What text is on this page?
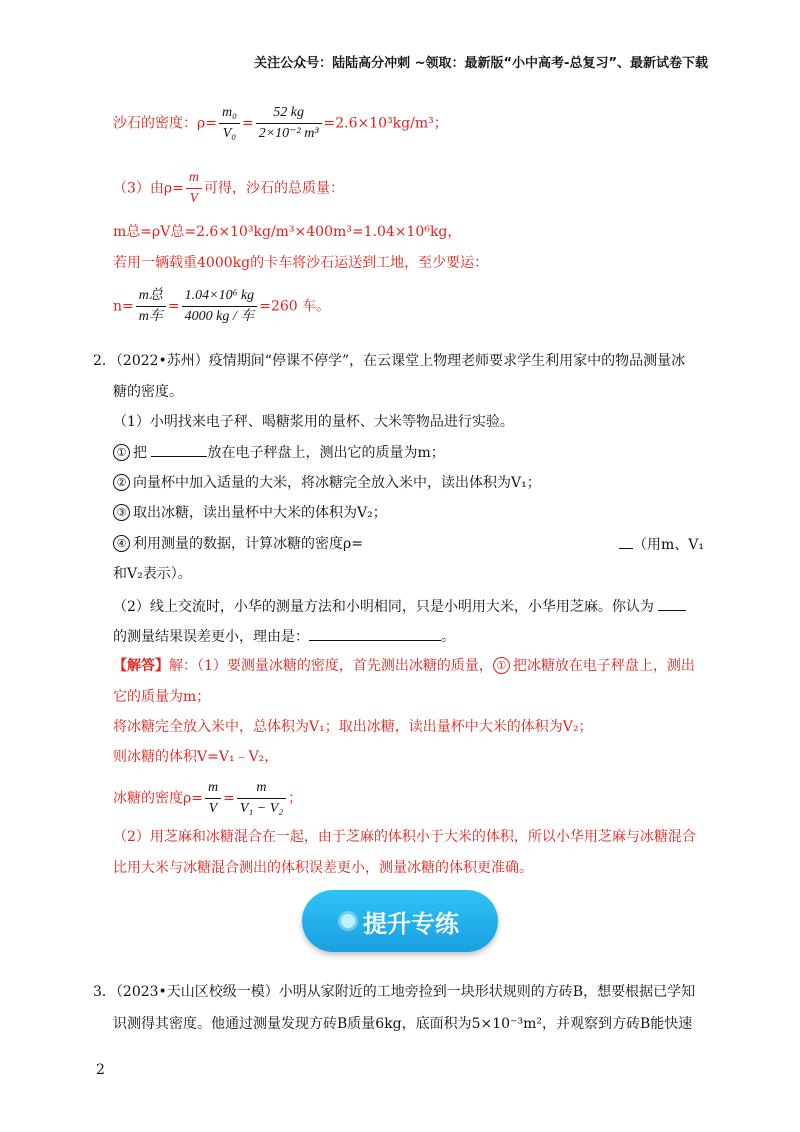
关注公众号：陆陆高分冲刺 ~领取：最新版“小中高考-总复习”、最新试卷下载
沙石的密度：$\rho= \frac{\text{m₀}}{\text{V₀}} = \frac{52 kg}{\text{2×10⁻² m³}} =2.6\times 10^3kg/m^3$；
（3）由$\rho= \frac{m}{V}$ 可得，沙石的总质量：
m总=ρV总=2.6×10³kg/m³×400m³=1.04×10⁶kg，
若用一辆载重4000kg的卡车将沙石运送到工地，至少要运：
$n= \frac{\text{m总}}{\text{m车}} = \frac{\text{1.04×10⁶ kg}}{\text{4000 kg / 车}} =260$ 车。
2．（2022•苏州）疫情期间“停课不停学”，在云课堂上物理老师要求学生利用家中的物品测量冰
糖的密度。
（1）小明找来电子秤、喝糖浆用的量杯、大米等物品进行实验。
① 把	放在电子秤盘上，测出它的质量为m；
② 向量杯中加入适量的大米，将冰糖完全放入米中，读出体积为V₁；
③ 取出冰糖，读出量杯中大米的体积为V₂；
④ 利用测量的数据，计算冰糖的密度ρ=	（用m、V₁
和V₂表示）。
（2）线上交流时，小华的测量方法和小明相同，只是小明用大米，小华用芝麻。你认为
的测量结果误差更小，理由是：	。
【解答】解：（1）要测量冰糖的密度，首先测出冰糖的质量， ① 把冰糖放在电子秤盘上，测出
它的质量为m；
将冰糖完全放入米中，总体积为V₁；取出冰糖，读出量杯中大米的体积为V₂；
则冰糖的体积V=V₁﹣V₂，
冰糖的密度$\rho= \frac{m}{V} = \frac{m}{\text{V₁ − V₂}}$ ；
（2）用芝麻和冰糖混合在一起，由于芝麻的体积小于大米的体积，所以小华用芝麻与冰糖混合
比用大米与冰糖混合测出的体积误差更小，测量冰糖的体积更准确。
提升专练
3．（2023•天山区校级一模）小明从家附近的工地旁捡到一块形状规则的方砖B，想要根据已学知
识测得其密度。他通过测量发现方砖B质量6kg，底面积为5×10⁻³m²，并观察到方砖B能快速
2
